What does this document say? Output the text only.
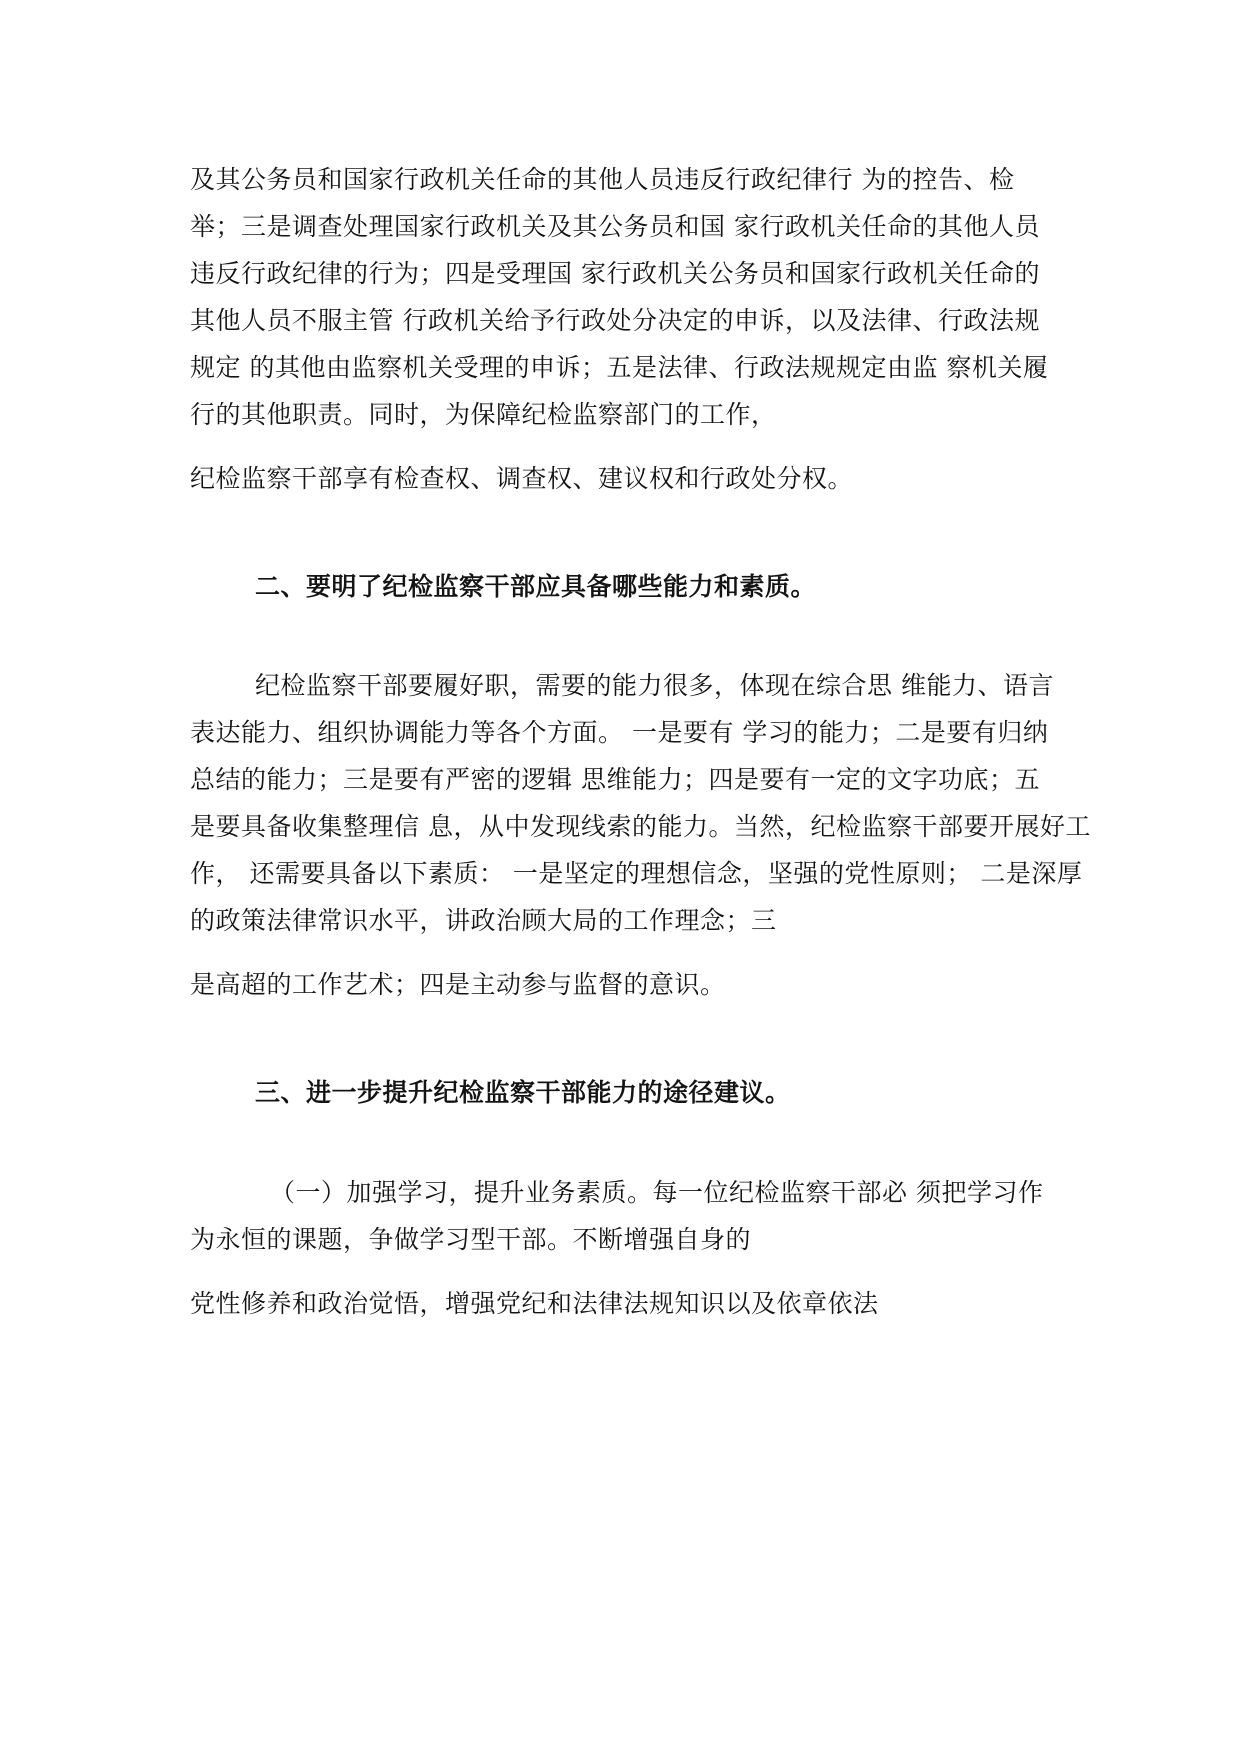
及其公务员和国家行政机关任命的其他人员违反行政纪律行 为的控告、检
举；三是调查处理国家行政机关及其公务员和国 家行政机关任命的其他人员
违反行政纪律的行为；四是受理国 家行政机关公务员和国家行政机关任命的
其他人员不服主管 行政机关给予行政处分决定的申诉，以及法律、行政法规
规定 的其他由监察机关受理的申诉；五是法律、行政法规规定由监 察机关履
行的其他职责。同时，为保障纪检监察部门的工作，
纪检监察干部享有检查权、调查权、建议权和行政处分权。
二、要明了纪检监察干部应具备哪些能力和素质。
纪检监察干部要履好职，需要的能力很多，体现在综合思 维能力、语言
表达能力、组织协调能力等各个方面。 一是要有 学习的能力；二是要有归纳
总结的能力；三是要有严密的逻辑 思维能力；四是要有一定的文字功底；五
是要具备收集整理信 息，从中发现线索的能力。当然，纪检监察干部要开展好工
作， 还需要具备以下素质： 一是坚定的理想信念，坚强的党性原则； 二是深厚
的政策法律常识水平，讲政治顾大局的工作理念；三
是高超的工作艺术；四是主动参与监督的意识。
三、进一步提升纪检监察干部能力的途径建议。
（一）加强学习，提升业务素质。每一位纪检监察干部必 须把学习作
为永恒的课题，争做学习型干部。不断增强自身的
党性修养和政治觉悟，增强党纪和法律法规知识以及依章依法
